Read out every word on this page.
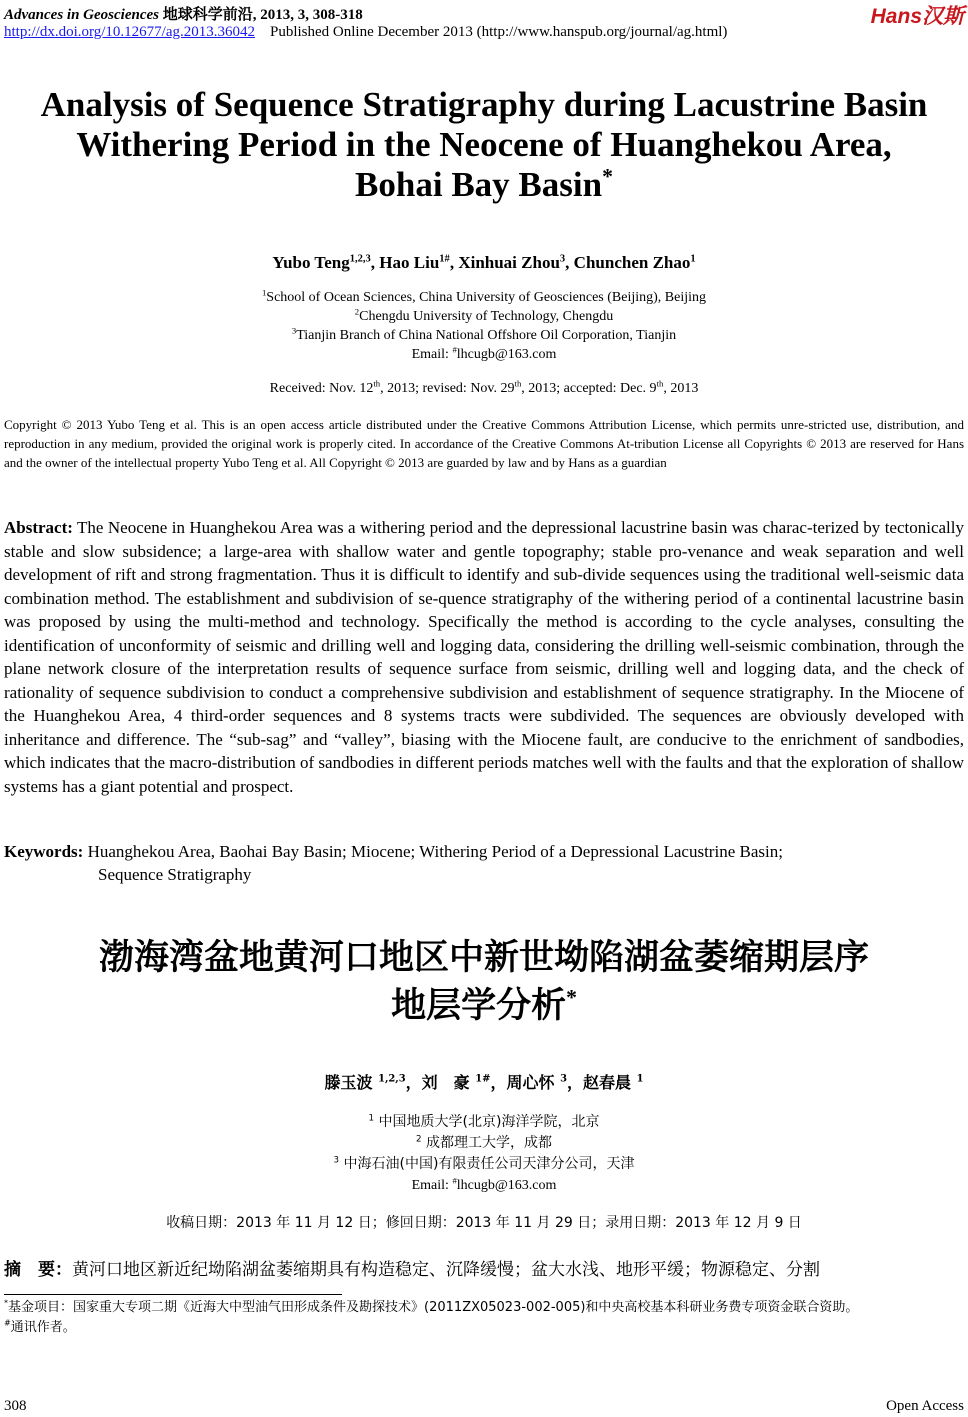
Advances in Geosciences 地球科学前沿, 2013, 3, 308-318	Hans汉斯
http://dx.doi.org/10.12677/ag.2013.36042 Published Online December 2013 (http://www.hanspub.org/journal/ag.html)
Analysis of Sequence Stratigraphy during Lacustrine Basin
Withering Period in the Neocene of Huanghekou Area,
Bohai Bay Basin*
Yubo Teng$^{1,2,3}$, Hao Liu$^{1\#}$, Xinhuai Zhou$^3$, Chunchen Zhao$^1$
$^1$School of Ocean Sciences, China University of Geosciences (Beijing), Beijing
$^2$Chengdu University of Technology, Chengdu
$^3$Tianjin Branch of China National Offshore Oil Corporation, Tianjin
Email: #lhcugb@163.com
Received: Nov. 12th, 2013; revised: Nov. 29th, 2013; accepted: Dec. 9th, 2013
Copyright © 2013 Yubo Teng et al. This is an open access article distributed under the Creative Commons Attribution License, which permits unre-stricted use, distribution, and reproduction in any medium, provided the original work is properly cited. In accordance of the Creative Commons At-tribution License all Copyrights © 2013 are reserved for Hans and the owner of the intellectual property Yubo Teng et al. All Copyright © 2013 are guarded by law and by Hans as a guardian
Abstract: The Neocene in Huanghekou Area was a withering period and the depressional lacustrine basin was charac-terized by tectonically stable and slow subsidence; a large-area with shallow water and gentle topography; stable pro-venance and weak separation and well development of rift and strong fragmentation. Thus it is difficult to identify and sub-divide sequences using the traditional well-seismic data combination method. The establishment and subdivision of se-quence stratigraphy of the withering period of a continental lacustrine basin was proposed by using the multi-method and technology. Specifically the method is according to the cycle analyses, consulting the identification of unconformity of seismic and drilling well and logging data, considering the drilling well-seismic combination, through the plane network closure of the interpretation results of sequence surface from seismic, drilling well and logging data, and the check of rationality of sequence subdivision to conduct a comprehensive subdivision and establishment of sequence stratigraphy. In the Miocene of the Huanghekou Area, 4 third-order sequences and 8 systems tracts were subdivided. The sequences are obviously developed with inheritance and difference. The “sub-sag” and “valley”, biasing with the Miocene fault, are conducive to the enrichment of sandbodies, which indicates that the macro-distribution of sandbodies in different periods matches well with the faults and that the exploration of shallow systems has a giant potential and prospect.
Keywords: Huanghekou Area, Baohai Bay Basin; Miocene; Withering Period of a Depressional Lacustrine Basin;
Sequence Stratigraphy
渤海湾盆地黄河口地区中新世坳陷湖盆萎缩期层序
地层学分析*
滕玉波 $^{1,2,3}$，刘　豪 $^{1\#}$，周心怀 $^3$，赵春晨 $^1$
$^1$ 中国地质大学(北京)海洋学院，北京
$^2$ 成都理工大学，成都
$^3$ 中海石油(中国)有限责任公司天津分公司，天津
Email: #lhcugb@163.com
收稿日期：2013 年 11 月 12 日；修回日期：2013 年 11 月 29 日；录用日期：2013 年 12 月 9 日
摘　要：黄河口地区新近纪坳陷湖盆萎缩期具有构造稳定、沉降缓慢；盆大水浅、地形平缓；物源稳定、分割
*基金项目：国家重大专项二期《近海大中型油气田形成条件及勘探技术》(2011ZX05023-002-005)和中央高校基本科研业务费专项资金联合资助。
#通讯作者。
308	Open Access
